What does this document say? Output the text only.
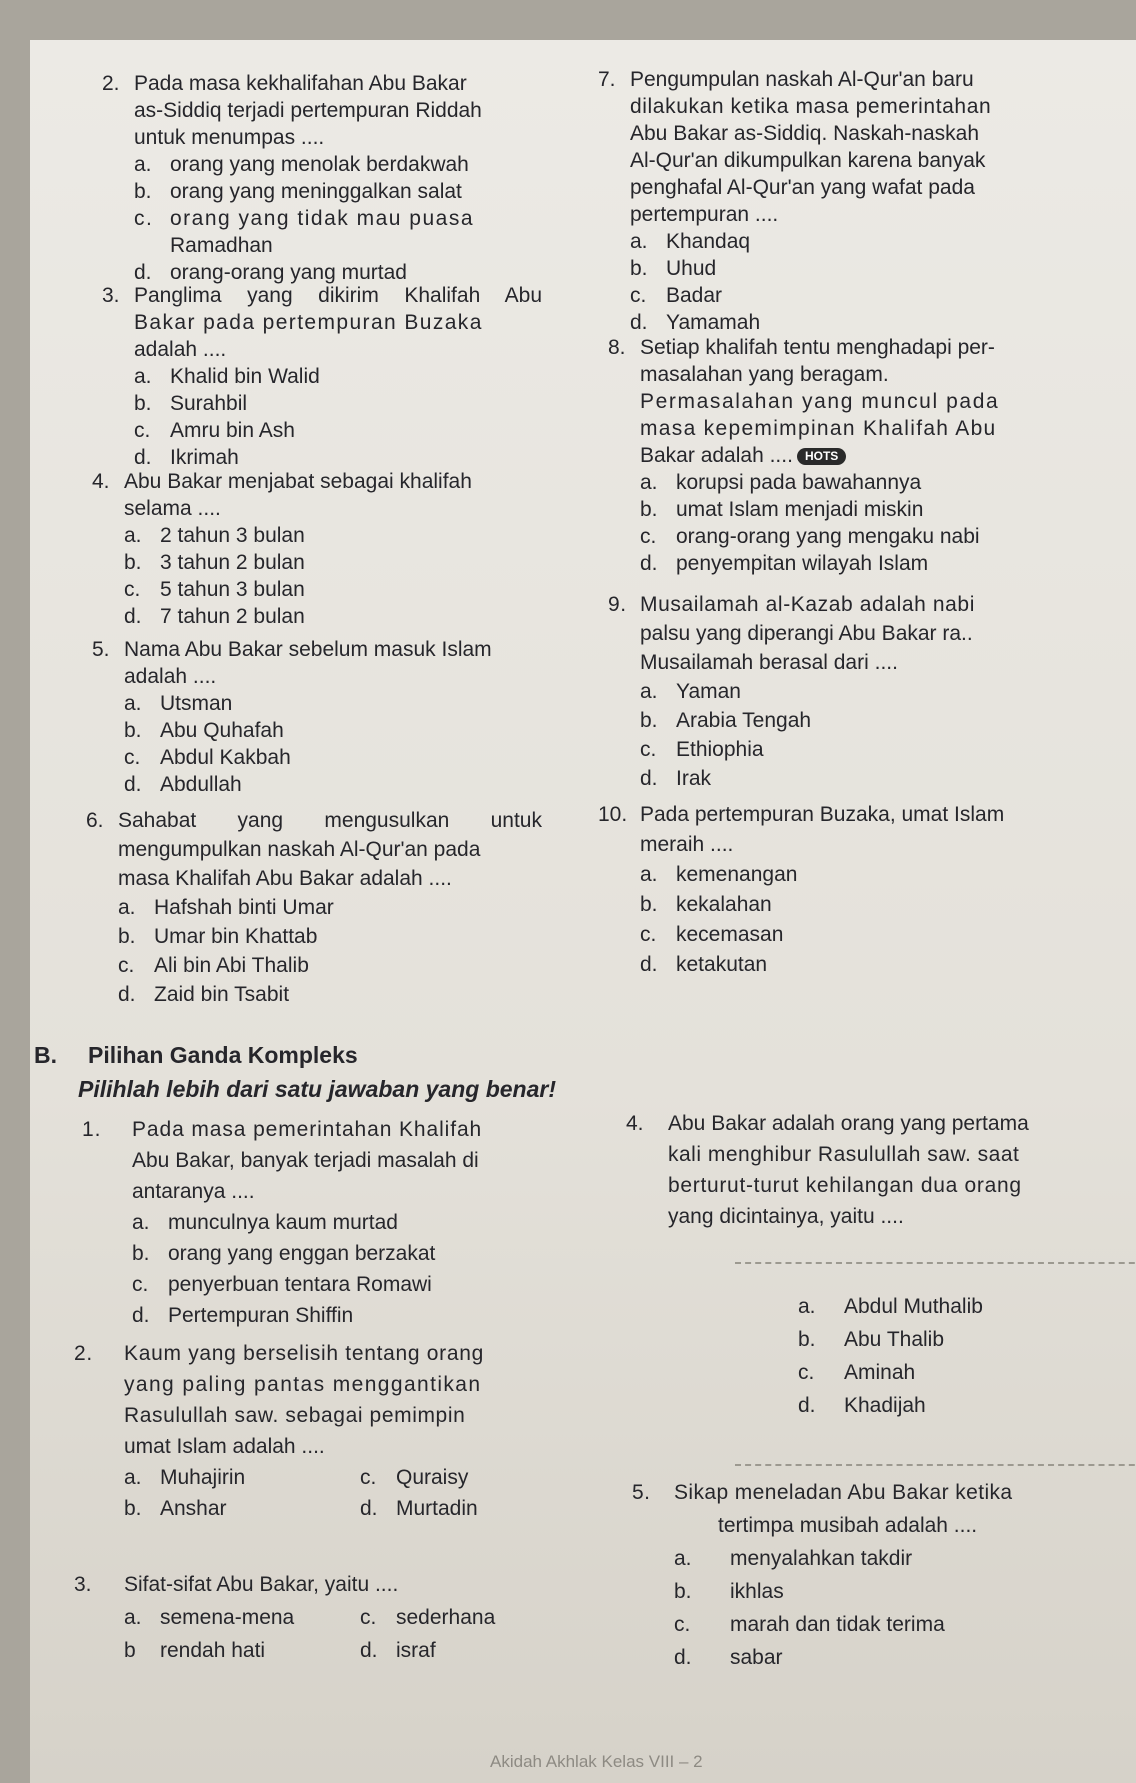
2. Pada masa kekhalifahan Abu Bakar
as-Siddiq terjadi pertempuran Riddah
untuk menumpas ....
a. orang yang menolak berdakwah
b. orang yang meninggalkan salat
c. orang yang tidak mau puasa
Ramadhan
d. orang-orang yang murtad
3. Panglima yang dikirim Khalifah Abu
Bakar pada pertempuran Buzaka
adalah ....
a. Khalid bin Walid
b. Surahbil
c. Amru bin Ash
d. Ikrimah
4. Abu Bakar menjabat sebagai khalifah
selama ....
a. 2 tahun 3 bulan
b. 3 tahun 2 bulan
c. 5 tahun 3 bulan
d. 7 tahun 2 bulan
5. Nama Abu Bakar sebelum masuk Islam
adalah ....
a. Utsman
b. Abu Quhafah
c. Abdul Kakbah
d. Abdullah
6. Sahabat yang mengusulkan untuk
mengumpulkan naskah Al-Qur'an pada
masa Khalifah Abu Bakar adalah ....
a. Hafshah binti Umar
b. Umar bin Khattab
c. Ali bin Abi Thalib
d. Zaid bin Tsabit
7. Pengumpulan naskah Al-Qur'an baru
dilakukan ketika masa pemerintahan
Abu Bakar as-Siddiq. Naskah-naskah
Al-Qur'an dikumpulkan karena banyak
penghafal Al-Qur'an yang wafat pada
pertempuran ....
a. Khandaq
b. Uhud
c. Badar
d. Yamamah
8. Setiap khalifah tentu menghadapi per-
masalahan yang beragam.
Permasalahan yang muncul pada
masa kepemimpinan Khalifah Abu
Bakar adalah .... HOTS
a. korupsi pada bawahannya
b. umat Islam menjadi miskin
c. orang-orang yang mengaku nabi
d. penyempitan wilayah Islam
9. Musailamah al-Kazab adalah nabi
palsu yang diperangi Abu Bakar ra..
Musailamah berasal dari ....
a. Yaman
b. Arabia Tengah
c. Ethiophia
d. Irak
10. Pada pertempuran Buzaka, umat Islam
meraih ....
a. kemenangan
b. kekalahan
c. kecemasan
d. ketakutan
B. Pilihan Ganda Kompleks
Pilihlah lebih dari satu jawaban yang benar!
1. Pada masa pemerintahan Khalifah
Abu Bakar, banyak terjadi masalah di
antaranya ....
a. munculnya kaum murtad
b. orang yang enggan berzakat
c. penyerbuan tentara Romawi
d. Pertempuran Shiffin
2. Kaum yang berselisih tentang orang
yang paling pantas menggantikan
Rasulullah saw. sebagai pemimpin
umat Islam adalah ....
a. Muhajirin	c. Quraisy
b. Anshar	d. Murtadin
3. Sifat-sifat Abu Bakar, yaitu ....
a. semena-mena	c. sederhana
b rendah hati	d. israf
4. Abu Bakar adalah orang yang pertama
kali menghibur Rasulullah saw. saat
berturut-turut kehilangan dua orang
yang dicintainya, yaitu ....
a. Abdul Muthalib
b. Abu Thalib
c. Aminah
d. Khadijah
5. Sikap meneladan Abu Bakar ketika
tertimpa musibah adalah ....
a. menyalahkan takdir
b. ikhlas
c. marah dan tidak terima
d. sabar
Akidah Akhlak Kelas VIII – 2
